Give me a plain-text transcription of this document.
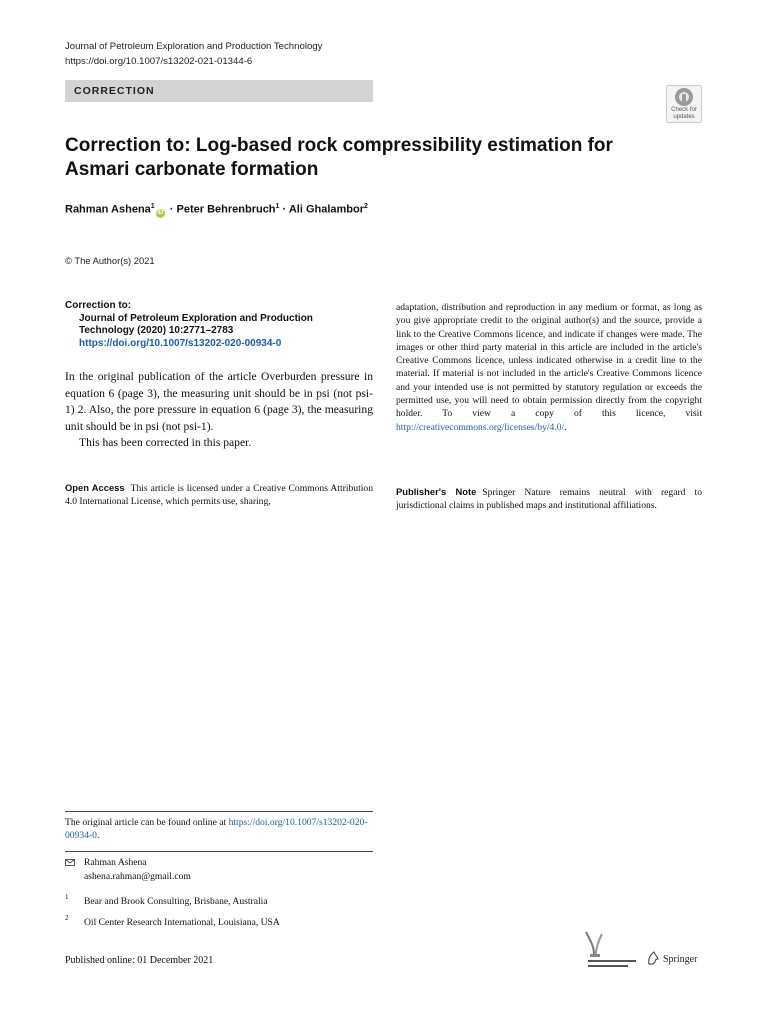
Journal of Petroleum Exploration and Production Technology
https://doi.org/10.1007/s13202-021-01344-6
CORRECTION
Check for
updates
Correction to: Log-based rock compressibility estimation for Asmari carbonate formation
Rahman Ashena$^1$iD · Peter Behrenbruch$^1$ · Ali Ghalambor$^2$
© The Author(s) 2021
Correction to:
Journal of Petroleum Exploration and Production
Technology (2020) 10:2771–2783
https://doi.org/10.1007/s13202-020-00934-0
In the original publication of the article Overburden pressure in equation 6 (page 3), the measuring unit should be in psi (not psi-1) 2. Also, the pore pressure in equation 6 (page 3), the measuring unit should be in psi (not psi-1).
This has been corrected in this paper.
Open Access This article is licensed under a Creative Commons Attribution 4.0 International License, which permits use, sharing,
adaptation, distribution and reproduction in any medium or format, as long as you give appropriate credit to the original author(s) and the source, provide a link to the Creative Commons licence, and indicate if changes were made. The images or other third party material in this article are included in the article's Creative Commons licence, unless indicated otherwise in a credit line to the material. If material is not included in the article's Creative Commons licence and your intended use is not permitted by statutory regulation or exceeds the permitted use, you will need to obtain permission directly from the copyright holder. To view a copy of this licence, visit http://creativecommons.org/licenses/by/4.0/.
Publisher's Note Springer Nature remains neutral with regard to jurisdictional claims in published maps and institutional affiliations.
The original article can be found online at https://doi.org/10.1007/s13202-020-00934-0.
Rahman Ashena
ashena.rahman@gmail.com
1 Bear and Brook Consulting, Brisbane, Australia
2 Oil Center Research International, Louisiana, USA
Published online: 01 December 2021	Springer
